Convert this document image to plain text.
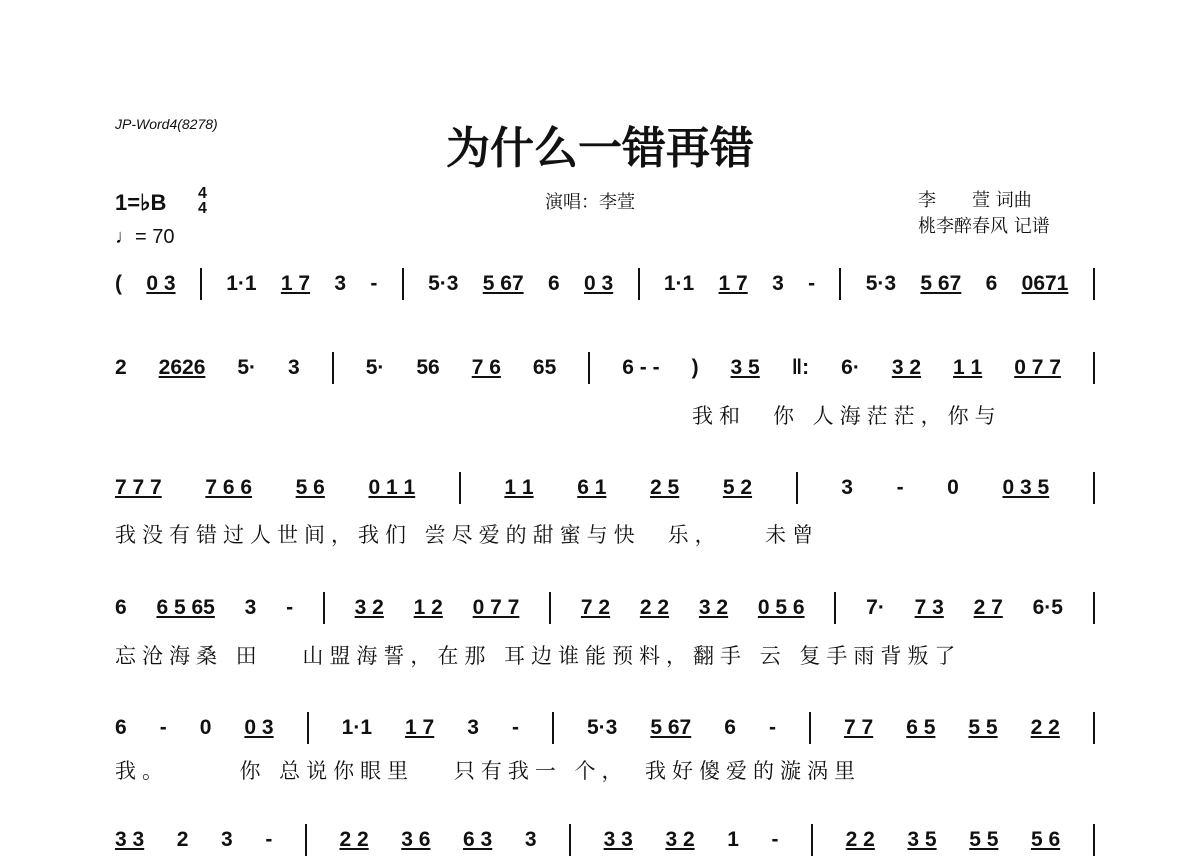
JP-Word4(8278)	为什么一错再错
1=♭B 4
4
♩= 70
演唱：李萱	李　　萱 词曲
桃李醉春风 记谱
( 0 3 1·1 1 7 3 - 5·3 5 67 6 0 3 1·1 1 7 3 - 5·3 5 67 6 0671
2 2626 5· 3	5· 56 7 6 65	6 - - ) 3 5 ‖: 6· 3 2 1 1 0 7 7
我和　你 人海茫茫，你与
7 7 7 7 6 6 5 6 0 1 1	1 1 6 1 2 5 5 2	3 - 0 0 3 5
我没有错过人世间，我们 尝尽爱的甜蜜与快　乐，　　未曾
6 6 5 65 3 -	3 2 1 2 0 7 7	7 2 2 2 3 2 0 5 6	7· 7 3 2 7 6·5
忘沧海桑 田　 山盟海誓，在那 耳边谁能预料，翻手 云 复手雨背叛了
6 - 0 0 3	1·1 1 7 3 -	5·3 5 67 6 -	7 7 6 5 5 5 2 2
我。　　　你 总说你眼里　 只有我一 个，　我好傻爱的漩涡里
3 3 2 3 -	2 2 3 6 6 3 3	3 3 3 2 1 -	2 2 3 5 5 5 5 6
